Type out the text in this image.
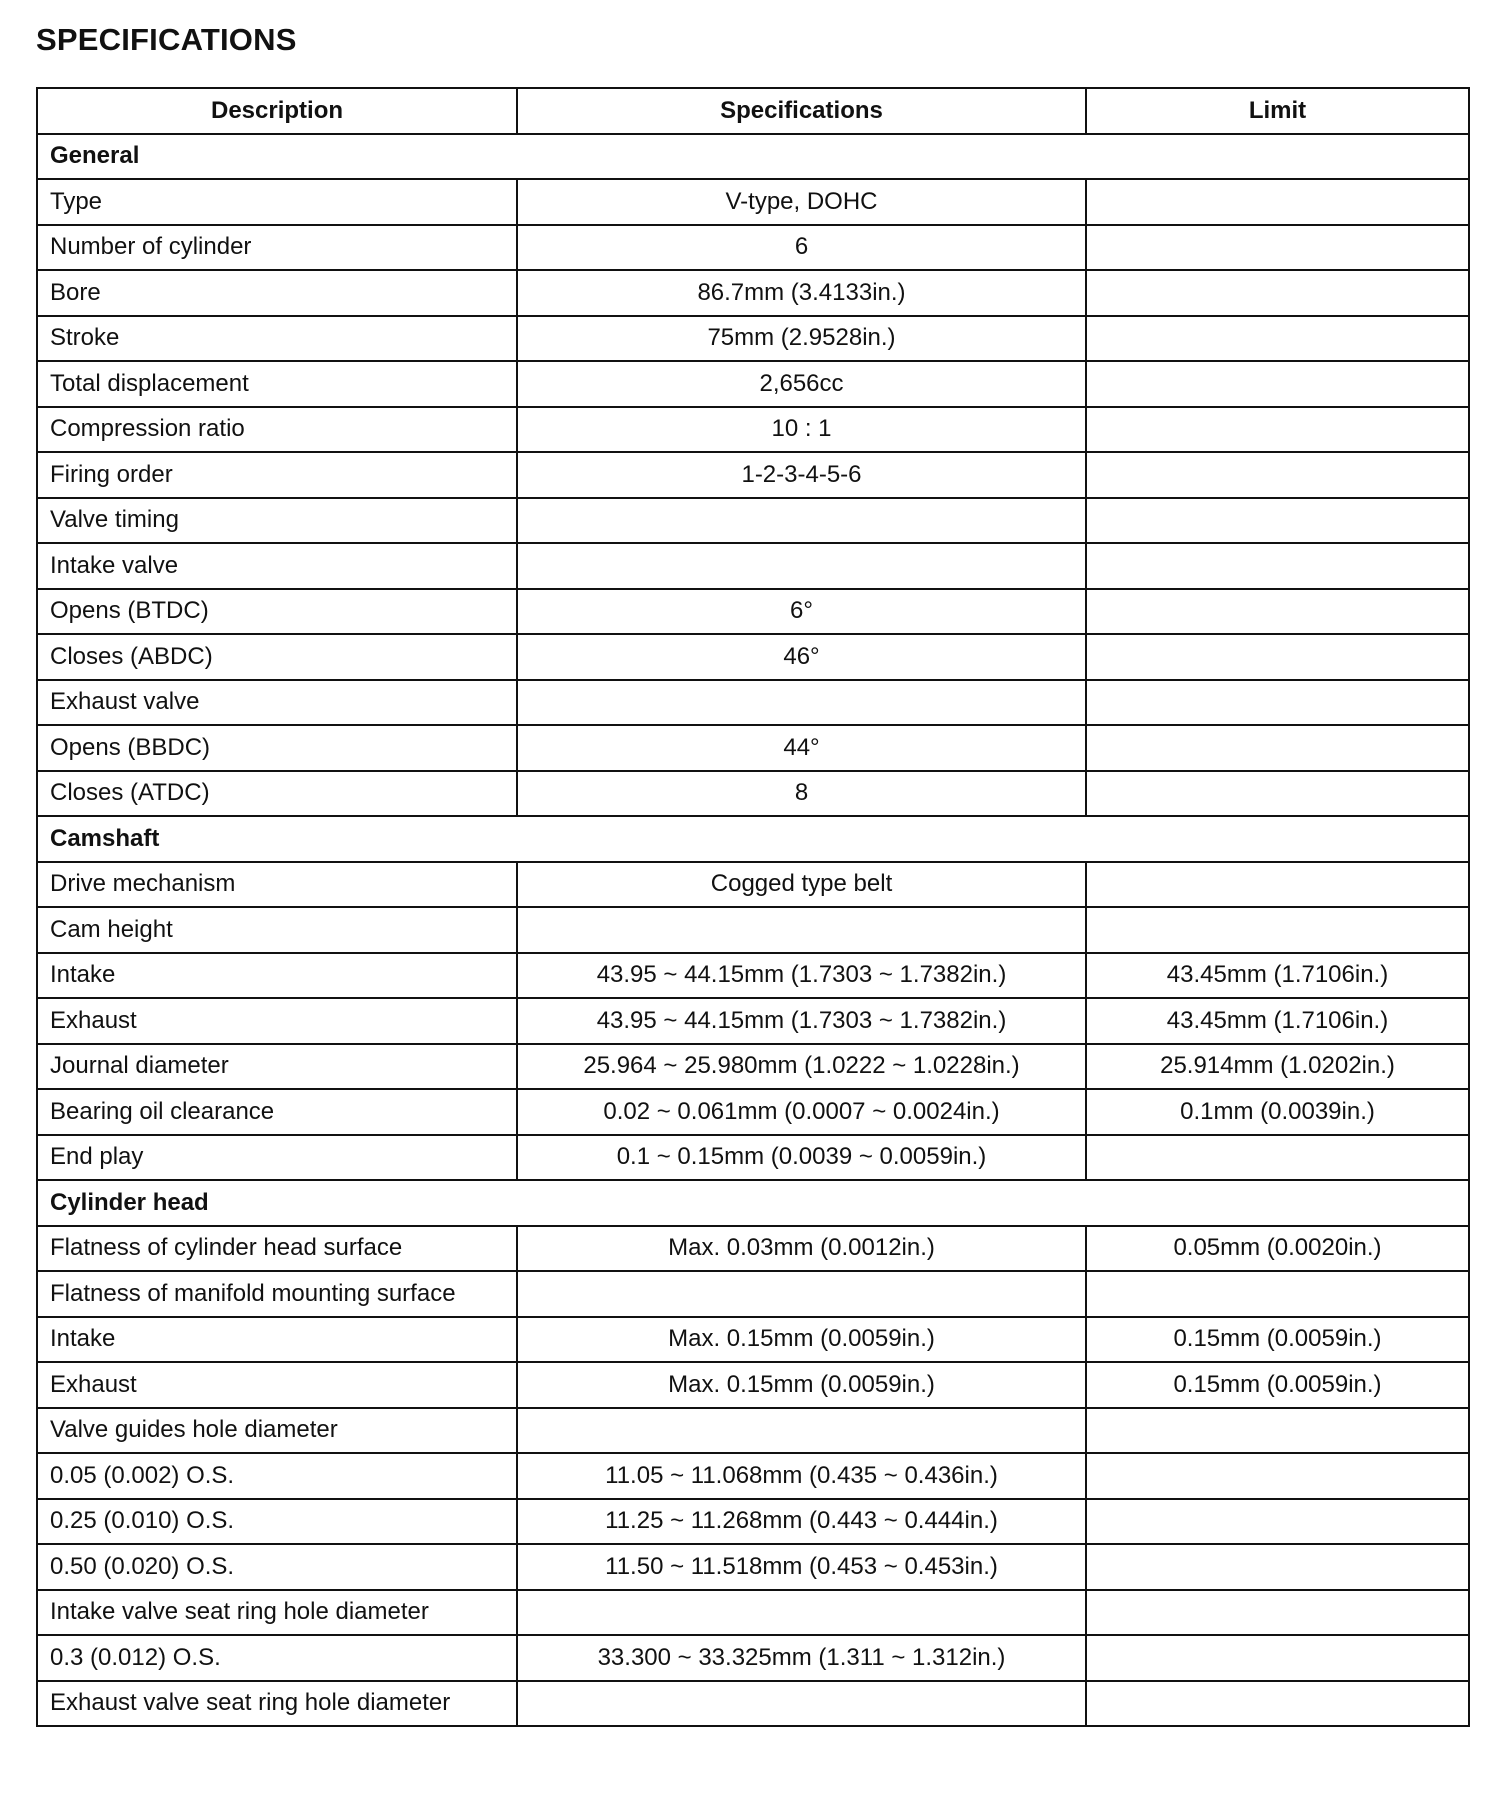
SPECIFICATIONS
Description	Specifications	Limit
General		
Type	V-type, DOHC	
Number of cylinder	6	
Bore	86.7mm (3.4133in.)	
Stroke	75mm (2.9528in.)	
Total displacement	2,656cc	
Compression ratio	10 : 1	
Firing order	1-2-3-4-5-6	
Valve timing		
Intake valve		
Opens (BTDC)	6°	
Closes (ABDC)	46°	
Exhaust valve		
Opens (BBDC)	44°	
Closes (ATDC)	8	
Camshaft		
Drive mechanism	Cogged type belt	
Cam height		
Intake	43.95 ~ 44.15mm (1.7303 ~ 1.7382in.)	43.45mm (1.7106in.)
Exhaust	43.95 ~ 44.15mm (1.7303 ~ 1.7382in.)	43.45mm (1.7106in.)
Journal diameter	25.964 ~ 25.980mm (1.0222 ~ 1.0228in.)	25.914mm (1.0202in.)
Bearing oil clearance	0.02 ~ 0.061mm (0.0007 ~ 0.0024in.)	0.1mm (0.0039in.)
End play	0.1 ~ 0.15mm (0.0039 ~ 0.0059in.)	
Cylinder head		
Flatness of cylinder head surface	Max. 0.03mm (0.0012in.)	0.05mm (0.0020in.)
Flatness of manifold mounting surface		
Intake	Max. 0.15mm (0.0059in.)	0.15mm (0.0059in.)
Exhaust	Max. 0.15mm (0.0059in.)	0.15mm (0.0059in.)
Valve guides hole diameter		
0.05 (0.002) O.S.	11.05 ~ 11.068mm (0.435 ~ 0.436in.)	
0.25 (0.010) O.S.	11.25 ~ 11.268mm (0.443 ~ 0.444in.)	
0.50 (0.020) O.S.	11.50 ~ 11.518mm (0.453 ~ 0.453in.)	
Intake valve seat ring hole diameter		
0.3 (0.012) O.S.	33.300 ~ 33.325mm (1.311 ~ 1.312in.)	
Exhaust valve seat ring hole diameter		
